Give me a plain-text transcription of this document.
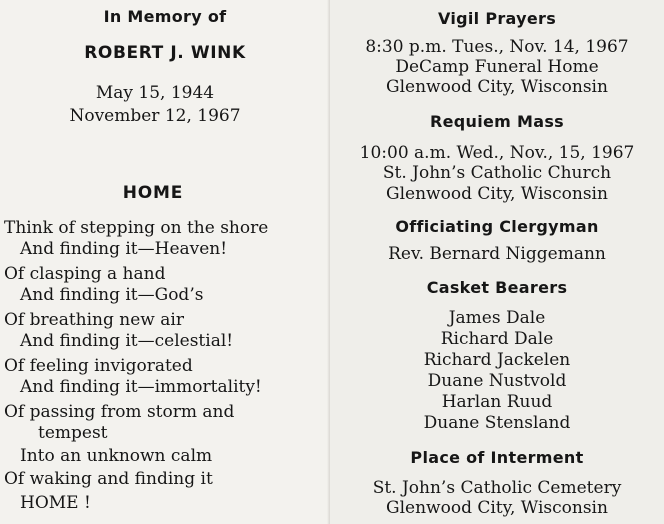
In Memory of
ROBERT J. WINK
May 15, 1944
November 12, 1967
HOME
Think of stepping on the shore
And finding it—Heaven!
Of clasping a hand
And finding it—God’s
Of breathing new air
And finding it—celestial!
Of feeling invigorated
And finding it—immortality!
Of passing from storm and
tempest
Into an unknown calm
Of waking and finding it
HOME !
Vigil Prayers
8:30 p.m. Tues., Nov. 14, 1967
DeCamp Funeral Home
Glenwood City, Wisconsin
Requiem Mass
10:00 a.m. Wed., Nov., 15, 1967
St. John’s Catholic Church
Glenwood City, Wisconsin
Officiating Clergyman
Rev. Bernard Niggemann
Casket Bearers
James Dale
Richard Dale
Richard Jackelen
Duane Nustvold
Harlan Ruud
Duane Stensland
Place of Interment
St. John’s Catholic Cemetery
Glenwood City, Wisconsin
